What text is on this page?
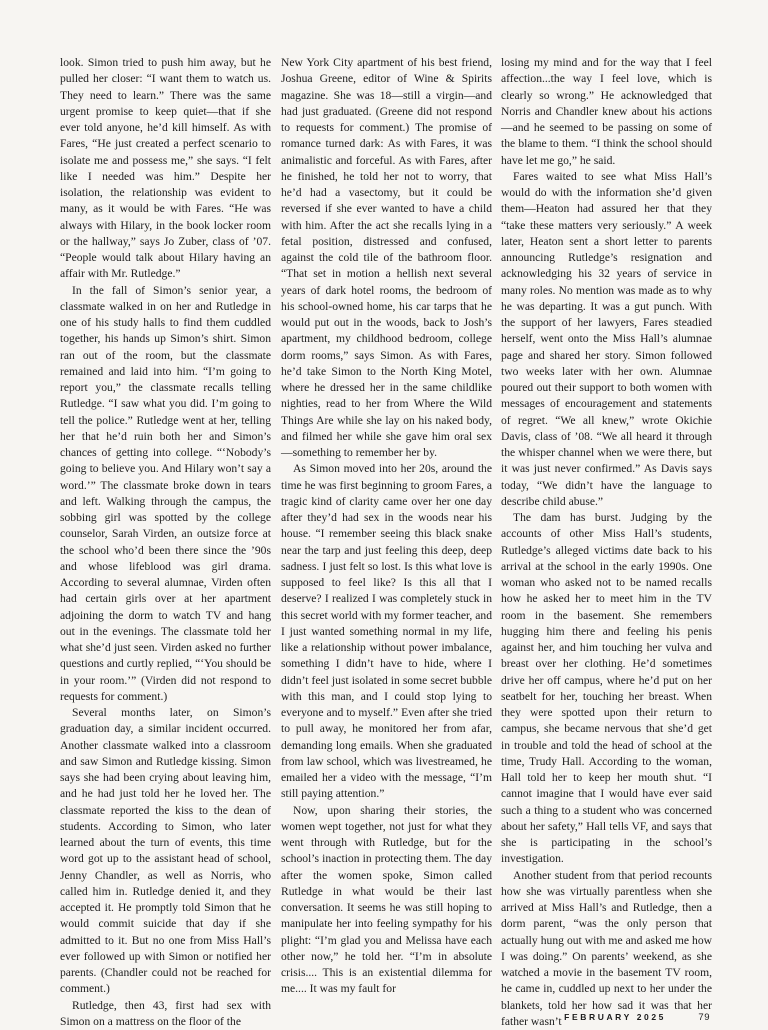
look. Simon tried to push him away, but he pulled her closer: “I want them to watch us. They need to learn.” There was the same urgent promise to keep quiet—that if she ever told anyone, he’d kill himself. As with Fares, “He just created a perfect scenario to isolate me and possess me,” she says. “I felt like I needed was him.” Despite her isolation, the relationship was evident to many, as it would be with Fares. “He was always with Hilary, in the book locker room or the hallway,” says Jo Zuber, class of ’07. “People would talk about Hilary having an affair with Mr. Rutledge.”

In the fall of Simon’s senior year, a classmate walked in on her and Rutledge in one of his study halls to find them cuddled together, his hands up Simon’s shirt. Simon ran out of the room, but the classmate remained and laid into him. “I’m going to report you,” the classmate recalls telling Rutledge. “I saw what you did. I’m going to tell the police.” Rutledge went at her, telling her that he’d ruin both her and Simon’s chances of getting into college. “‘Nobody’s going to believe you. And Hilary won’t say a word.’” The classmate broke down in tears and left. Walking through the campus, the sobbing girl was spotted by the college counselor, Sarah Virden, an outsize force at the school who’d been there since the ’90s and whose lifeblood was girl drama. According to several alumnae, Virden often had certain girls over at her apartment adjoining the dorm to watch TV and hang out in the evenings. The classmate told her what she’d just seen. Virden asked no further questions and curtly replied, “‘You should be in your room.’” (Virden did not respond to requests for comment.)

Several months later, on Simon’s graduation day, a similar incident occurred. Another classmate walked into a classroom and saw Simon and Rutledge kissing. Simon says she had been crying about leaving him, and he had just told her he loved her. The classmate reported the kiss to the dean of students. According to Simon, who later learned about the turn of events, this time word got up to the assistant head of school, Jenny Chandler, as well as Norris, who called him in. Rutledge denied it, and they accepted it. He promptly told Simon that he would commit suicide that day if she admitted to it. But no one from Miss Hall’s ever followed up with Simon or notified her parents. (Chandler could not be reached for comment.)

Rutledge, then 43, first had sex with Simon on a mattress on the floor of the

New York City apartment of his best friend, Joshua Greene, editor of Wine & Spirits magazine. She was 18—still a virgin—and had just graduated. (Greene did not respond to requests for comment.) The promise of romance turned dark: As with Fares, it was animalistic and forceful. As with Fares, after he finished, he told her not to worry, that he’d had a vasectomy, but it could be reversed if she ever wanted to have a child with him. After the act she recalls lying in a fetal position, distressed and confused, against the cold tile of the bathroom floor. “That set in motion a hellish next several years of dark hotel rooms, the bedroom of his school-owned home, his car tarps that he would put out in the woods, back to Josh’s apartment, my childhood bedroom, college dorm rooms,” says Simon. As with Fares, he’d take Simon to the North King Motel, where he dressed her in the same childlike nighties, read to her from Where the Wild Things Are while she lay on his naked body, and filmed her while she gave him oral sex—something to remember her by.

As Simon moved into her 20s, around the time he was first beginning to groom Fares, a tragic kind of clarity came over her one day after they’d had sex in the woods near his house. “I remember seeing this black snake near the tarp and just feeling this deep, deep sadness. I just felt so lost. Is this what love is supposed to feel like? Is this all that I deserve? I realized I was completely stuck in this secret world with my former teacher, and I just wanted something normal in my life, like a relationship without power imbalance, something I didn’t have to hide, where I didn’t feel just isolated in some secret bubble with this man, and I could stop lying to everyone and to myself.” Even after she tried to pull away, he monitored her from afar, demanding long emails. When she graduated from law school, which was livestreamed, he emailed her a video with the message, “I’m still paying attention.”

Now, upon sharing their stories, the women wept together, not just for what they went through with Rutledge, but for the school’s inaction in protecting them. The day after the women spoke, Simon called Rutledge in what would be their last conversation. It seems he was still hoping to manipulate her into feeling sympathy for his plight: “I’m glad you and Melissa have each other now,” he told her. “I’m in absolute crisis.... This is an existential dilemma for me.... It was my fault for

losing my mind and for the way that I feel affection...the way I feel love, which is clearly so wrong.” He acknowledged that Norris and Chandler knew about his actions—and he seemed to be passing on some of the blame to them. “I think the school should have let me go,” he said.

Fares waited to see what Miss Hall’s would do with the information she’d given them—Heaton had assured her that they “take these matters very seriously.” A week later, Heaton sent a short letter to parents announcing Rutledge’s resignation and acknowledging his 32 years of service in many roles. No mention was made as to why he was departing. It was a gut punch. With the support of her lawyers, Fares steadied herself, went onto the Miss Hall’s alumnae page and shared her story. Simon followed two weeks later with her own. Alumnae poured out their support to both women with messages of encouragement and statements of regret. “We all knew,” wrote Okichie Davis, class of ’08. “We all heard it through the whisper channel when we were there, but it was just never confirmed.” As Davis says today, “We didn’t have the language to describe child abuse.”

The dam has burst. Judging by the accounts of other Miss Hall’s students, Rutledge’s alleged victims date back to his arrival at the school in the early 1990s. One woman who asked not to be named recalls how he asked her to meet him in the TV room in the basement. She remembers hugging him there and feeling his penis against her, and him touching her vulva and breast over her clothing. He’d sometimes drive her off campus, where he’d put on her seatbelt for her, touching her breast. When they were spotted upon their return to campus, she became nervous that she’d get in trouble and told the head of school at the time, Trudy Hall. According to the woman, Hall told her to keep her mouth shut. “I cannot imagine that I would have ever said such a thing to a student who was concerned about her safety,” Hall tells VF, and says that she is participating in the school’s investigation.

Another student from that period recounts how she was virtually parentless when she arrived at Miss Hall’s and Rutledge, then a dorm parent, “was the only person that actually hung out with me and asked me how I was doing.” On parents’ weekend, as she watched a movie in the basement TV room, he came in, cuddled up next to her under the blankets, told her how sad it was that her father wasn’t FEBRUARY 2025	79
